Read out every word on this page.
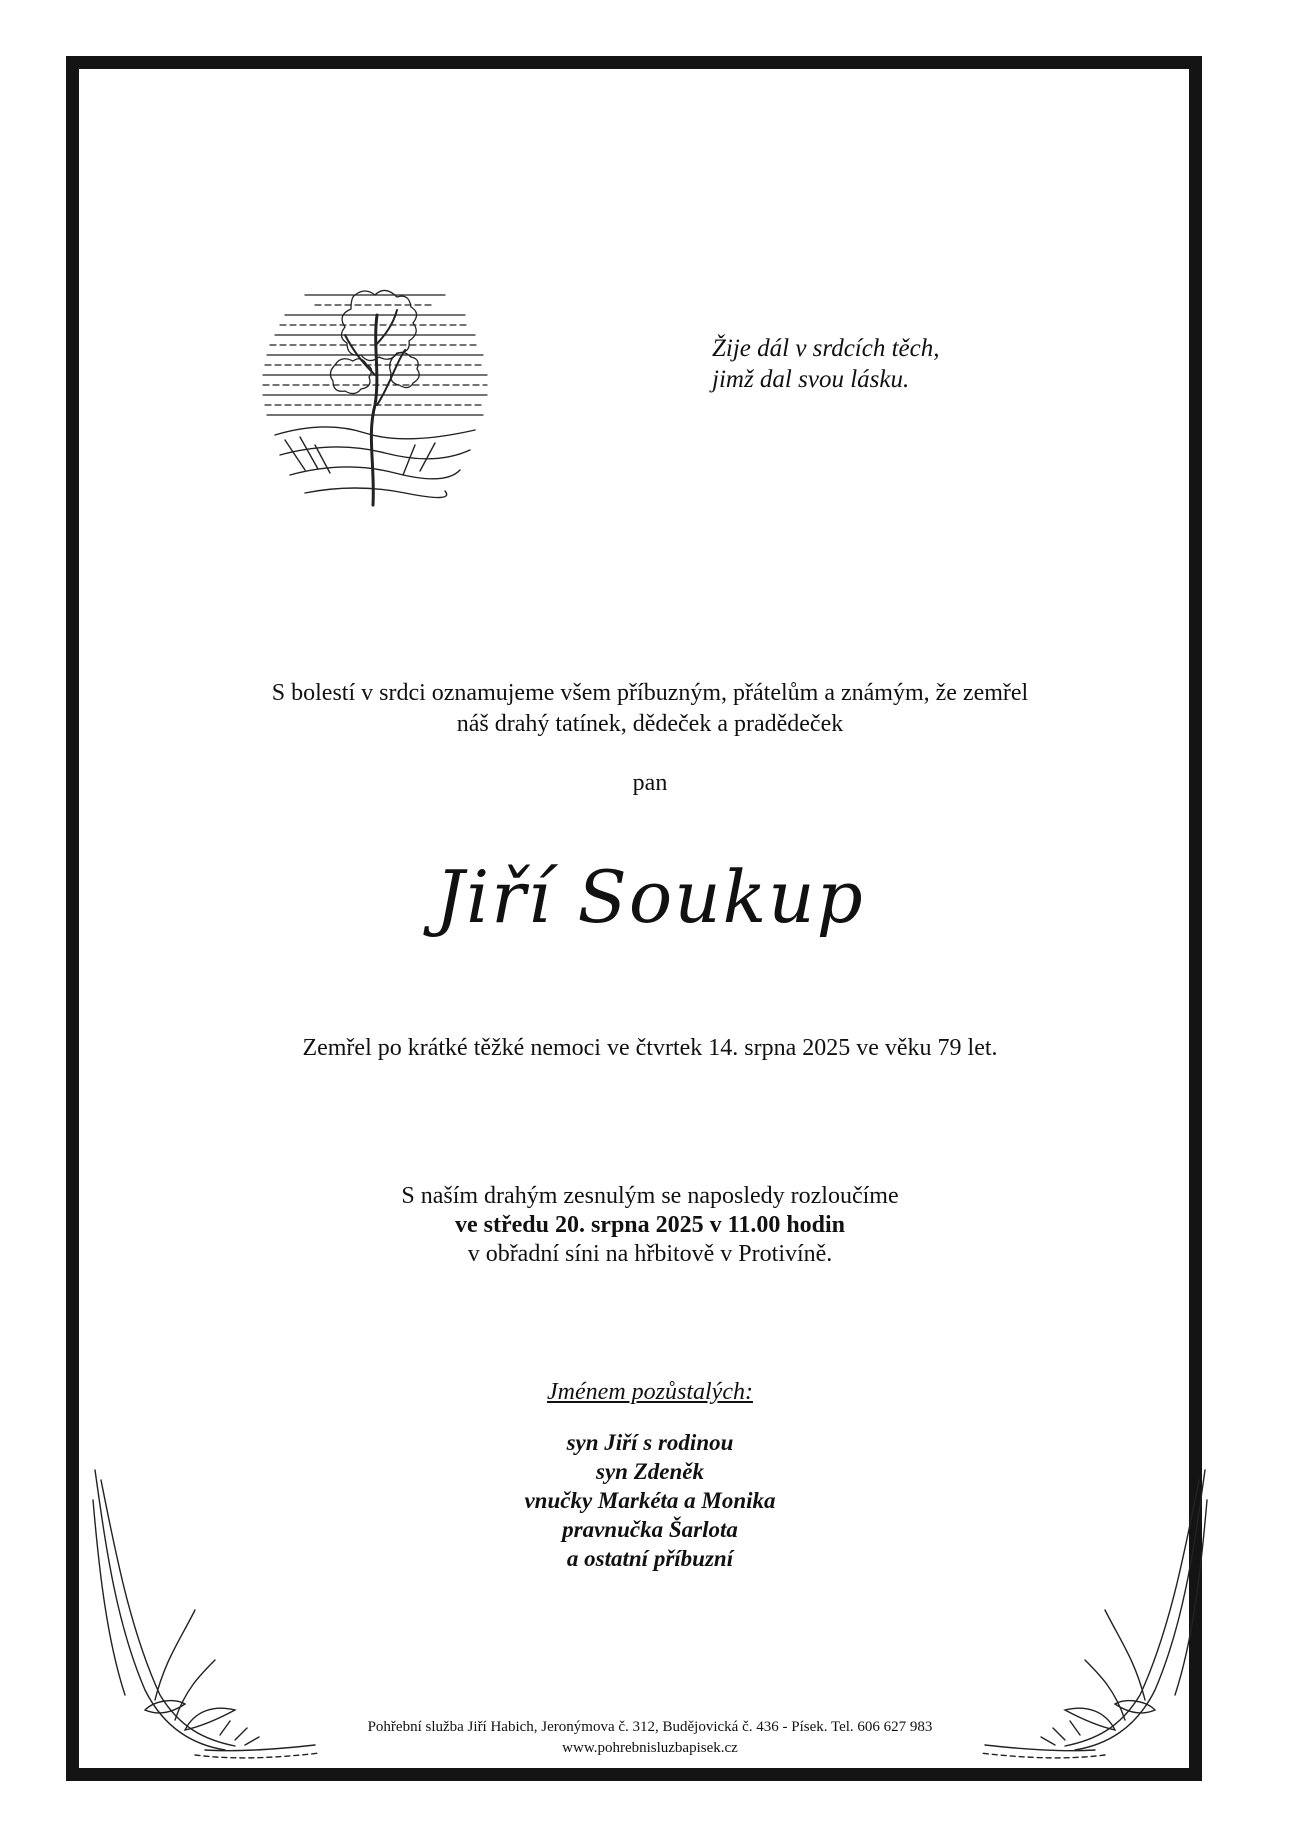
Žije dál v srdcích těch,
jimž dal svou lásku.
S bolestí v srdci oznamujeme všem příbuzným, přátelům a známým, že zemřel
náš drahý tatínek, dědeček a pradědeček
pan
Jiří Soukup
Zemřel po krátké těžké nemoci ve čtvrtek 14. srpna 2025 ve věku 79 let.
S naším drahým zesnulým se naposledy rozloučíme
ve středu 20. srpna 2025 v 11.00 hodin
v obřadní síni na hřbitově v Protivíně.
Jménem pozůstalých:
syn Jiří s rodinou
syn Zdeněk
vnučky Markéta a Monika
pravnučka Šarlota
a ostatní příbuzní
Pohřební služba Jiří Habich, Jeronýmova č. 312, Budějovická č. 436 - Písek. Tel. 606 627 983
www.pohrebnisluzbapisek.cz
